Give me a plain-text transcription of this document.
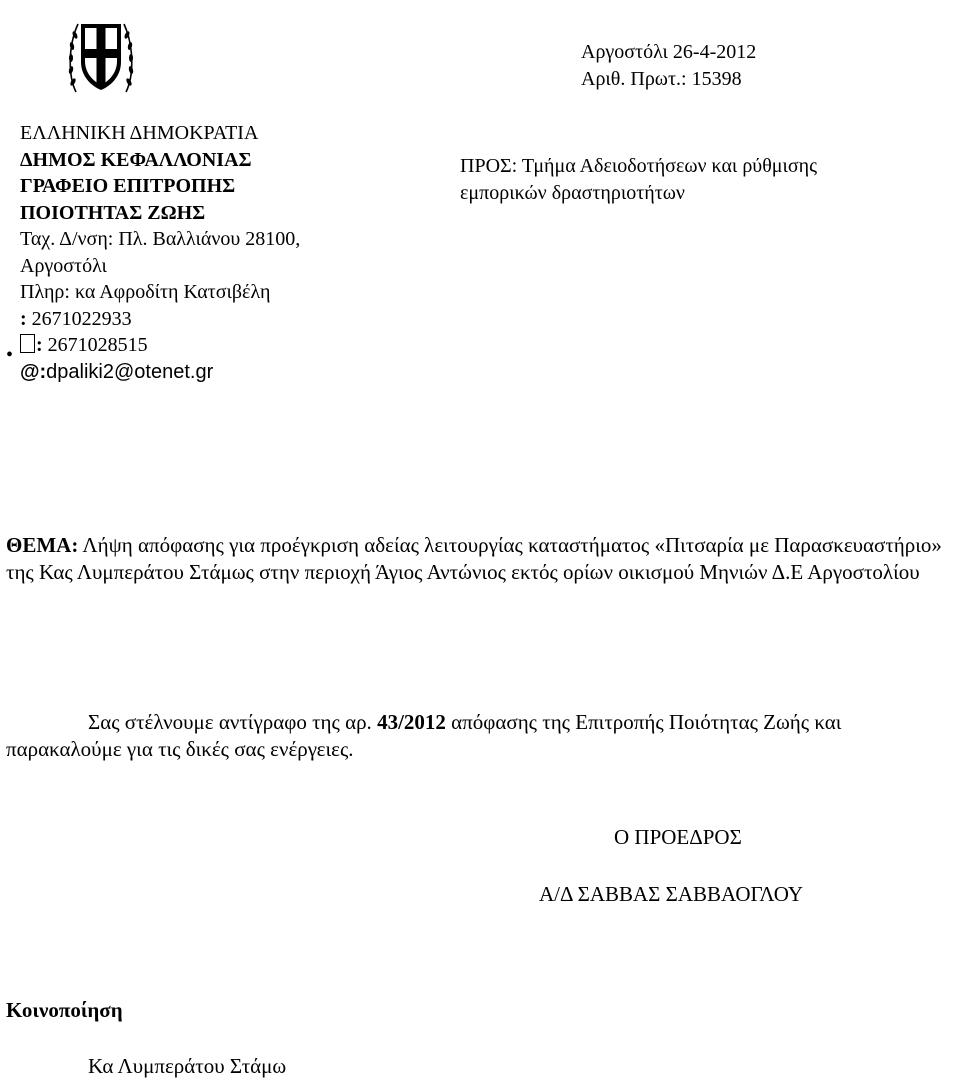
Αργοστόλι 26-4-2012
Αριθ. Πρωτ.: 15398
ΕΛΛΗΝΙΚΗ ΔΗΜΟΚΡΑΤΙΑ
ΔΗΜΟΣ ΚΕΦΑΛΛΟΝΙΑΣ
ΓΡΑΦΕΙΟ ΕΠΙΤΡΟΠΗΣ
ΠΟΙΟΤΗΤΑΣ ΖΩΗΣ
Ταχ. Δ/νση: Πλ. Βαλλιάνου 28100,
Αργοστόλι
Πληρ: κα Αφροδίτη Κατσιβέλη
: 2671022933
: 2671028515
@:dpaliki2@otenet.gr
•
ΠΡΟΣ: Τμήμα Αδειοδοτήσεων και ρύθμισης
εμπορικών δραστηριοτήτων
ΘΕΜΑ: Λήψη απόφασης για προέγκριση αδείας λειτουργίας καταστήματος «Πιτσαρία με Παρασκευαστήριο» της Κας Λυμπεράτου Στάμως στην περιοχή Άγιος Αντώνιος εκτός ορίων οικισμού Μηνιών Δ.Ε Αργοστολίου
Σας στέλνουμε αντίγραφο της αρ. 43/2012 απόφασης της Επιτροπής Ποιότητας Ζωής και παρακαλούμε για τις δικές σας ενέργειες.
Ο ΠΡΟΕΔΡΟΣ
Α/Δ ΣΑΒΒΑΣ ΣΑΒΒΑΟΓΛΟΥ
Κοινοποίηση
Κα Λυμπεράτου Στάμω
